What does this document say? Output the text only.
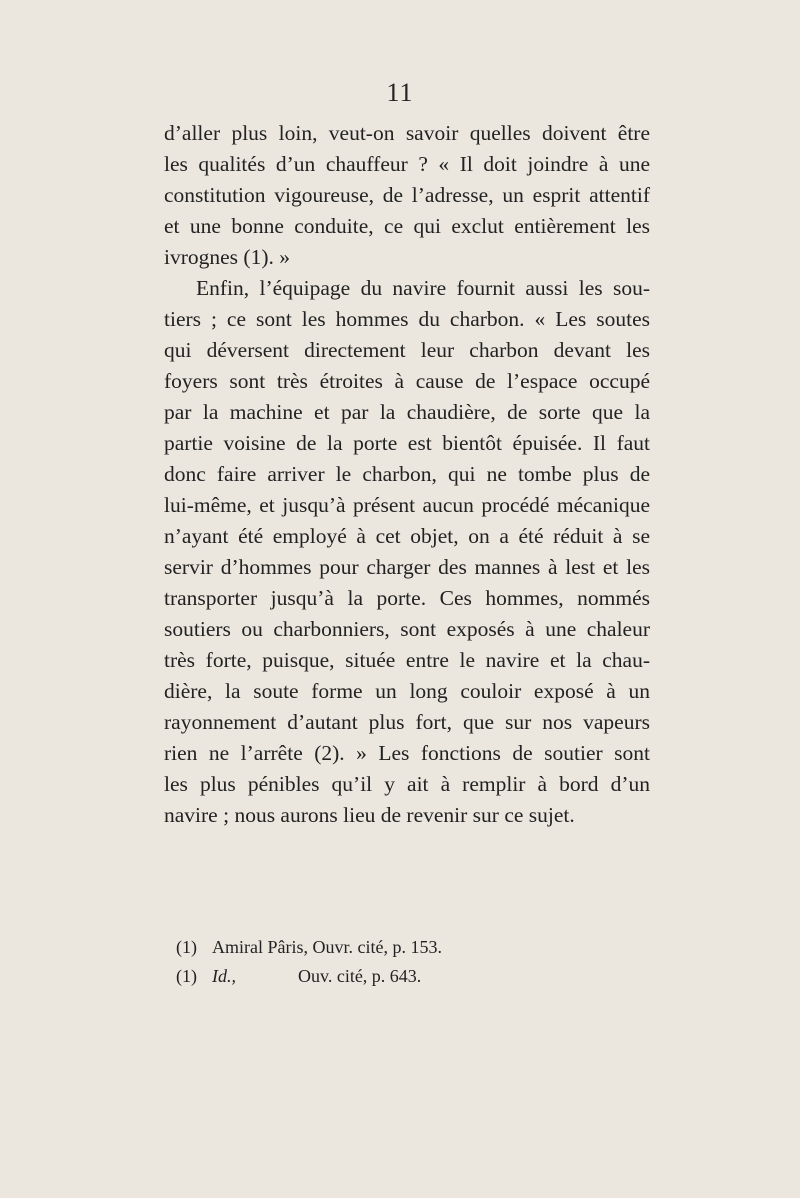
11
d’aller plus loin, veut-on savoir quelles doivent être
les qualités d’un chauffeur ? « Il doit joindre à une
constitution vigoureuse, de l’adresse, un esprit attentif
et une bonne conduite, ce qui exclut entièrement les
ivrognes (1). »
Enfin, l’équipage du navire fournit aussi les sou-
tiers ; ce sont les hommes du charbon. « Les soutes
qui déversent directement leur charbon devant les
foyers sont très étroites à cause de l’espace occupé
par la machine et par la chaudière, de sorte que la
partie voisine de la porte est bientôt épuisée. Il faut
donc faire arriver le charbon, qui ne tombe plus de
lui-même, et jusqu’à présent aucun procédé mécanique
n’ayant été employé à cet objet, on a été réduit à se
servir d’hommes pour charger des mannes à lest et les
transporter jusqu’à la porte. Ces hommes, nommés
soutiers ou charbonniers, sont exposés à une chaleur
très forte, puisque, située entre le navire et la chau-
dière, la soute forme un long couloir exposé à un
rayonnement d’autant plus fort, que sur nos vapeurs
rien ne l’arrête (2). » Les fonctions de soutier sont
les plus pénibles qu’il y ait à remplir à bord d’un
navire ; nous aurons lieu de revenir sur ce sujet.
(1) Amiral Pâris, Ouvr. cité, p. 153.
(1) Id.,	Ouv. cité, p. 643.
